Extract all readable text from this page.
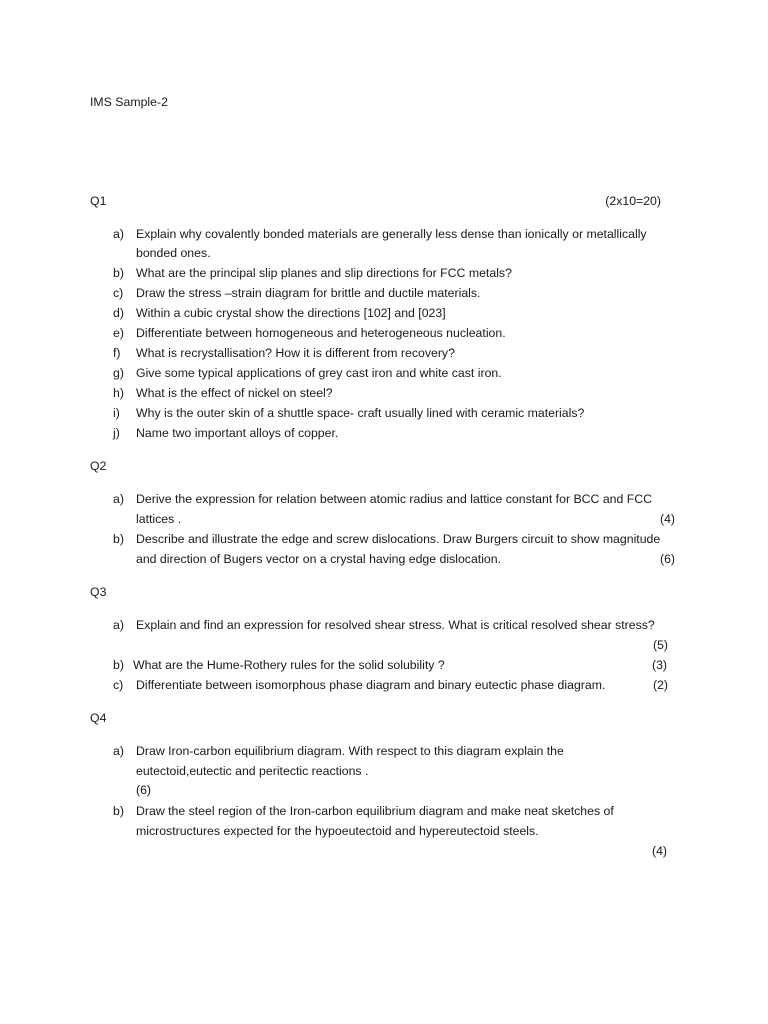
IMS Sample-2
Q1	(2x10=20)
a) Explain why covalently bonded materials are generally less dense than ionically or metallically
bonded ones.
b) What are the principal slip planes and slip directions for FCC metals?
c)	Draw the stress –strain diagram for brittle and ductile materials.
d) Within a cubic crystal show the directions [102] and [023]
e) Differentiate between homogeneous and heterogeneous nucleation.
f)	What is recrystallisation? How it is different from recovery?
g) Give some typical applications of grey cast iron and white cast iron.
h) What is the effect of nickel on steel?
i)	Why is the outer skin of a shuttle space- craft usually lined with ceramic materials?
j)	Name two important alloys of copper.
Q2
a) Derive the expression for relation between atomic radius and lattice constant for BCC and FCC
lattices .	(4)
b) Describe and illustrate the edge and screw dislocations. Draw Burgers circuit to show magnitude
and direction of Bugers vector on a crystal having edge dislocation.	(6)
Q3
a) Explain and find an expression for resolved shear stress. What is critical resolved shear stress?
(5)
b) What are the Hume-Rothery rules for the solid solubility ?	(3)
c)	Differentiate between isomorphous phase diagram and binary eutectic phase diagram.	(2)
Q4
a) Draw Iron-carbon equilibrium diagram. With respect to this diagram explain the
eutectoid,eutectic and peritectic reactions .
(6)
b) Draw the steel region of the Iron-carbon equilibrium diagram and make neat sketches of
microstructures expected for the hypoeutectoid and hypereutectoid steels.
(4)
